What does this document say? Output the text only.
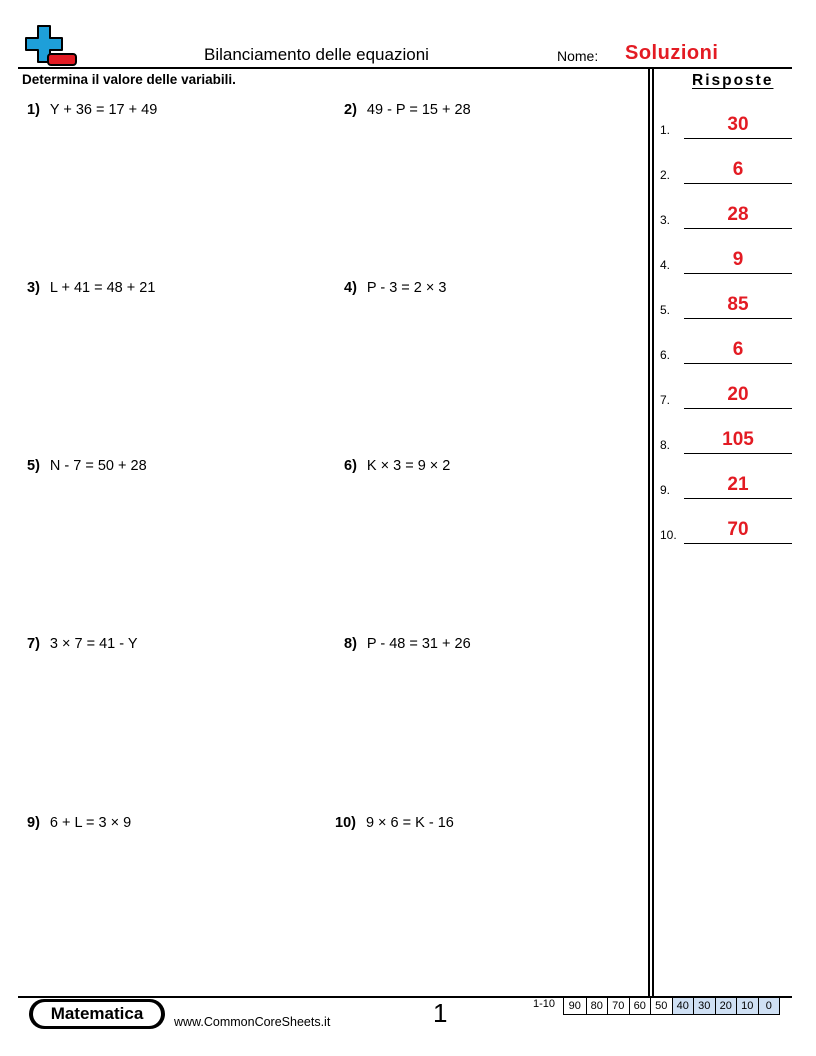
Bilanciamento delle equazioni	Nome: Soluzioni
Determina il valore delle variabili.
1) Y + 36 = 17 + 49	2) 49 - P = 15 + 28
3) L + 41 = 48 + 21	4) P - 3 = 2 × 3
5) N - 7 = 50 + 28	6) K × 3 = 9 × 2
7) 3 × 7 = 41 - Y	8) P - 48 = 31 + 26
9) 6 + L = 3 × 9	10) 9 × 6 = K - 16
Risposte
1.	30
2.	6
3.	28
4.	9
5.	85
6.	6
7.	20
8.	105
9.	21
10.	70
Matematica	www.CommonCoreSheets.it	1	1-10	90 80 70 60 50 40 30 20 10	0
